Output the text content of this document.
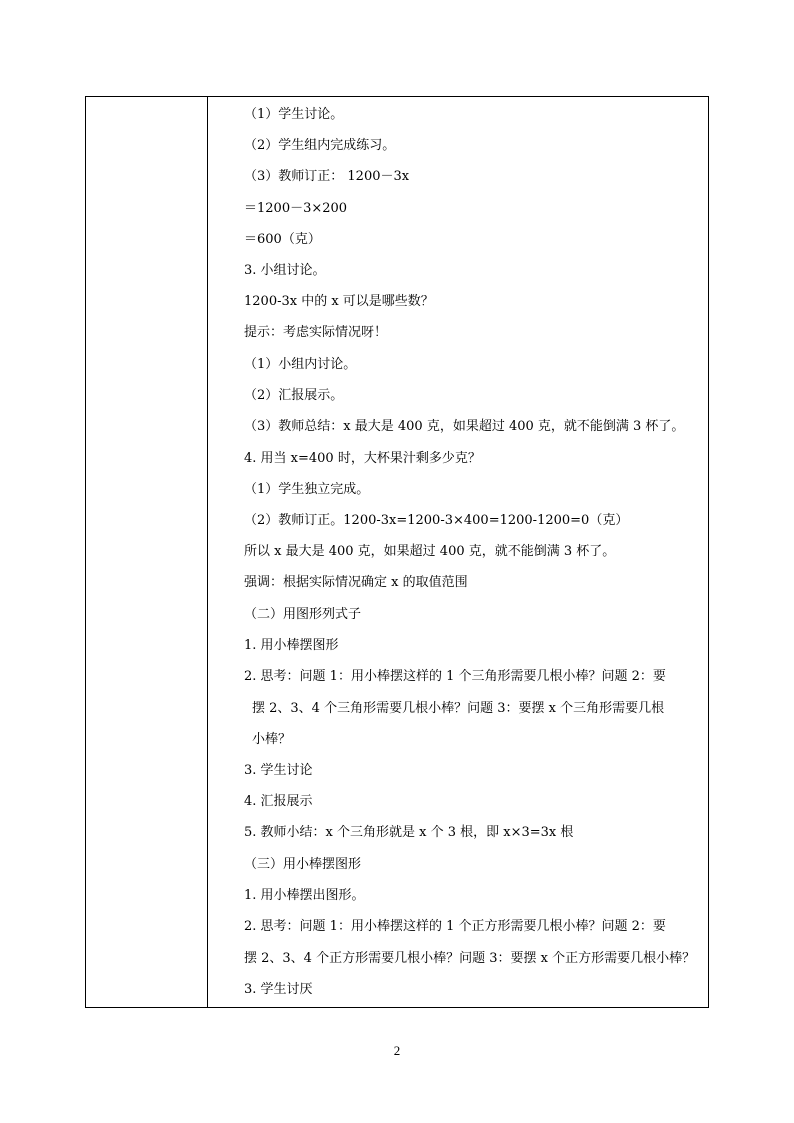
（1）学生讨论。
（2）学生组内完成练习。
（3）教师订正： 1200－3x
＝1200－3×200
＝600（克）
3. 小组讨论。
1200-3x 中的 x 可以是哪些数？
提示：考虑实际情况呀！
（1）小组内讨论。
（2）汇报展示。
（3）教师总结：x 最大是 400 克，如果超过 400 克，就不能倒满 3 杯了。
4. 用当 x=400 时，大杯果汁剩多少克？
（1）学生独立完成。
（2）教师订正。1200-3x=1200-3×400=1200-1200=0（克）
所以 x 最大是 400 克，如果超过 400 克，就不能倒满 3 杯了。
强调：根据实际情况确定 x 的取值范围
（二）用图形列式子
1. 用小棒摆图形
2. 思考：问题 1：用小棒摆这样的 1 个三角形需要几根小棒？问题 2：要
摆 2、3、4 个三角形需要几根小棒？问题 3：要摆 x 个三角形需要几根
小棒？
3. 学生讨论
4. 汇报展示
5. 教师小结：x 个三角形就是 x 个 3 根，即 x×3=3x 根
（三）用小棒摆图形
1. 用小棒摆出图形。
2. 思考：问题 1：用小棒摆这样的 1 个正方形需要几根小棒？问题 2：要
摆 2、3、4 个正方形需要几根小棒？问题 3：要摆 x 个正方形需要几根小棒？
3. 学生讨厌
2
